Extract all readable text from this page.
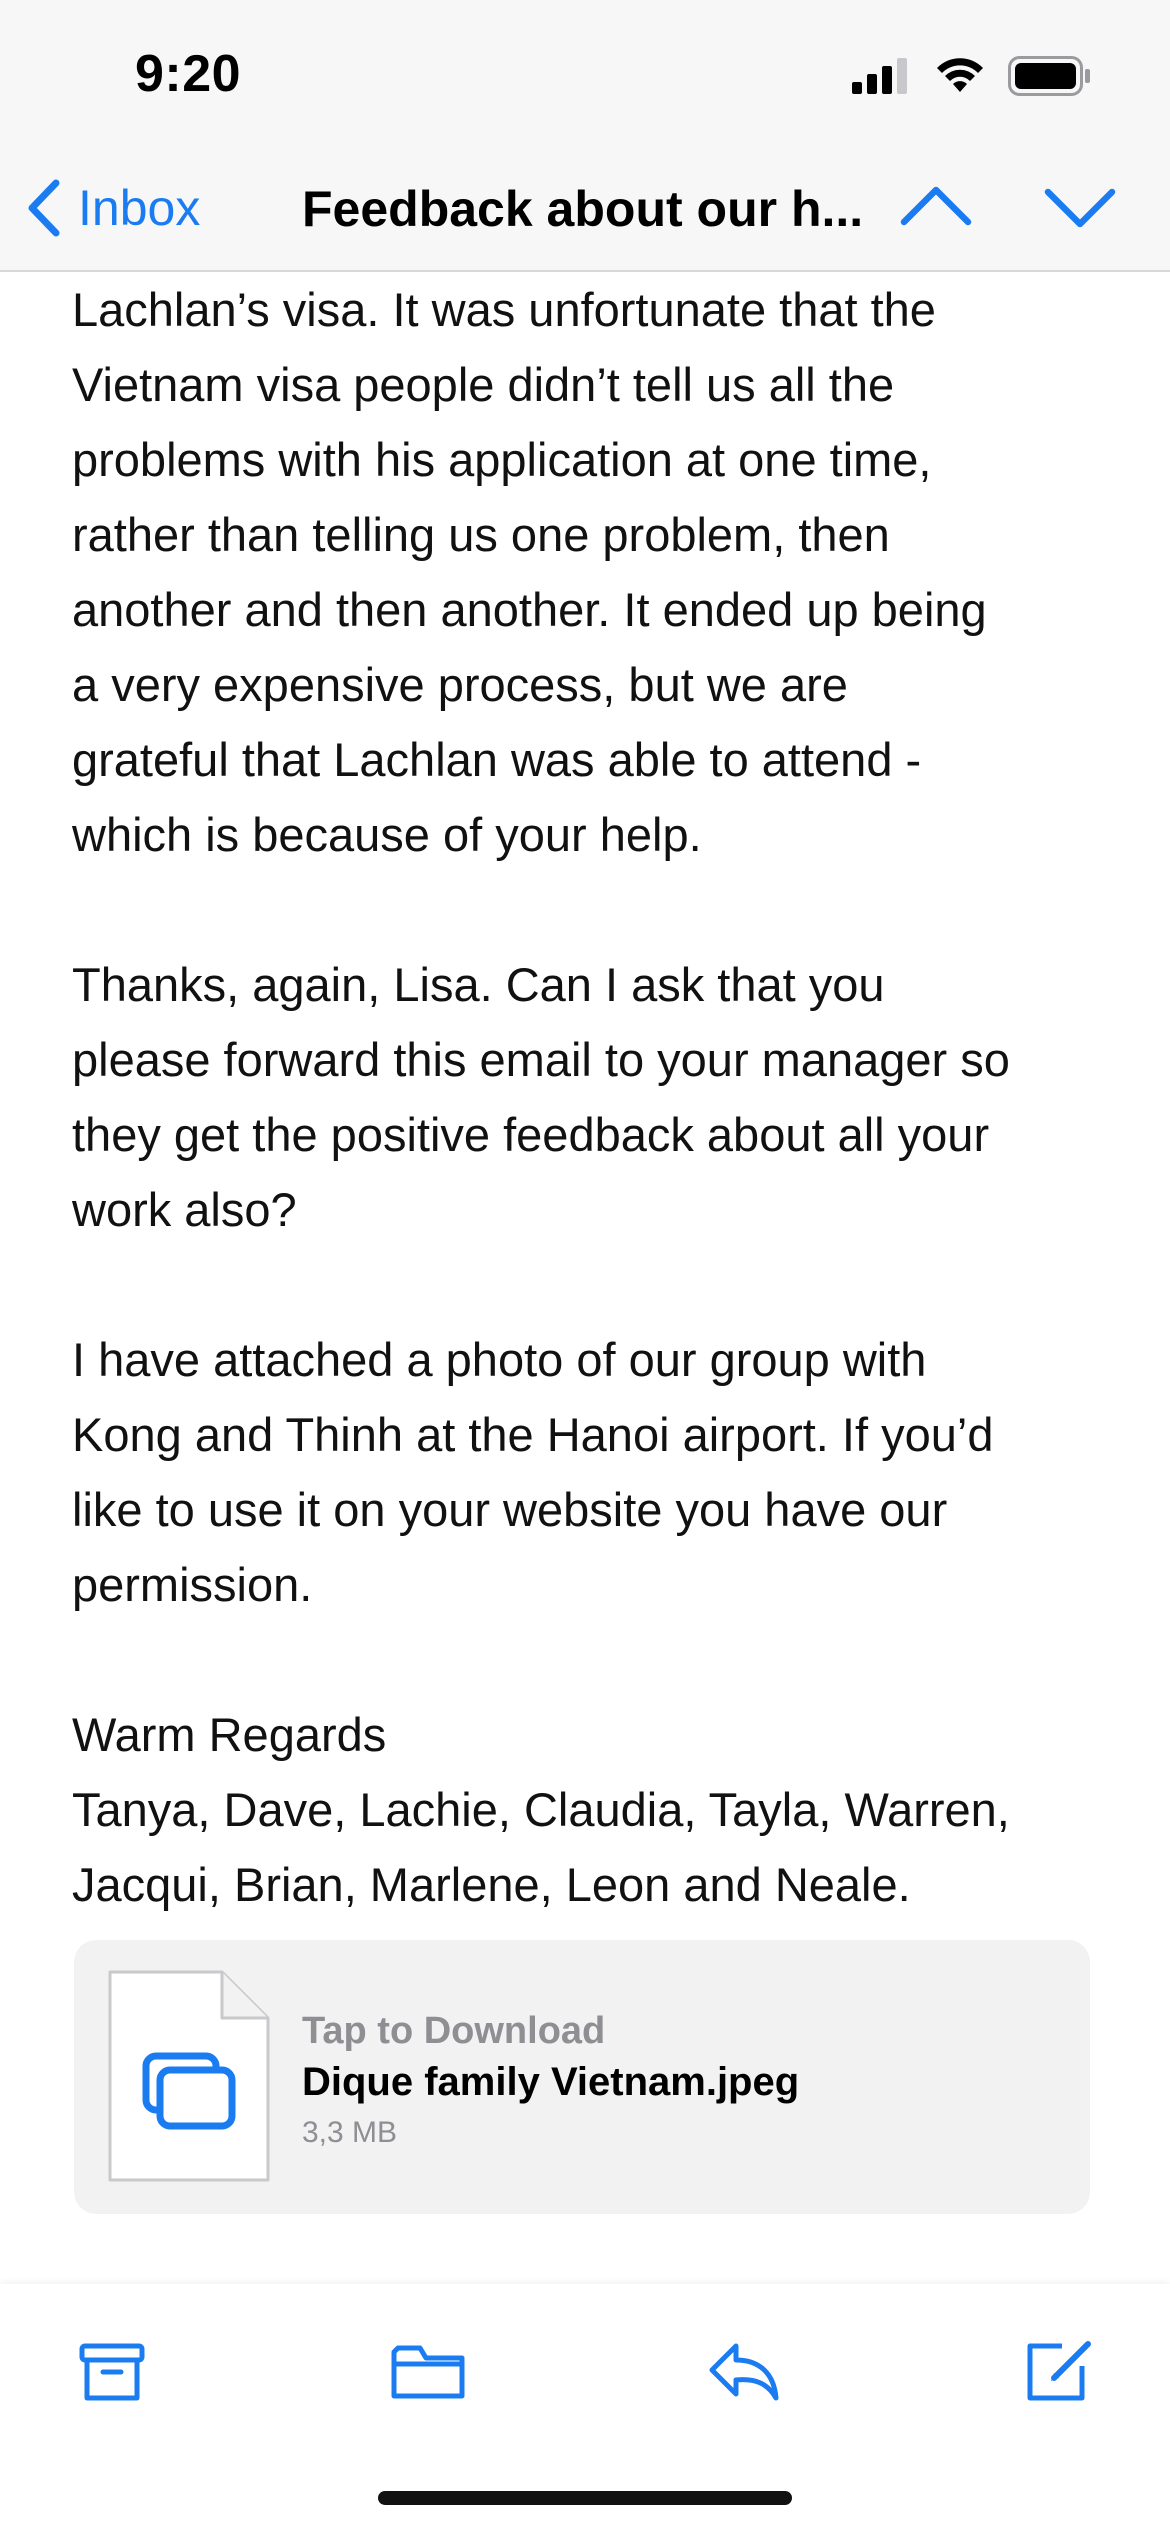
9:20
Inbox Feedback about our h...

Lachlan’s visa. It was unfortunate that the
Vietnam visa people didn’t tell us all the
problems with his application at one time,
rather than telling us one problem, then
another and then another. It ended up being
a very expensive process, but we are
grateful that Lachlan was able to attend -
which is because of your help.

Thanks, again, Lisa. Can I ask that you
please forward this email to your manager so
they get the positive feedback about all your
work also?

I have attached a photo of our group with
Kong and Thinh at the Hanoi airport. If you’d
like to use it on your website you have our
permission.

Warm Regards
Tanya, Dave, Lachie, Claudia, Tayla, Warren,
Jacqui, Brian, Marlene, Leon and Neale.

Tap to Download
Dique family Vietnam.jpeg
3,3 MB
